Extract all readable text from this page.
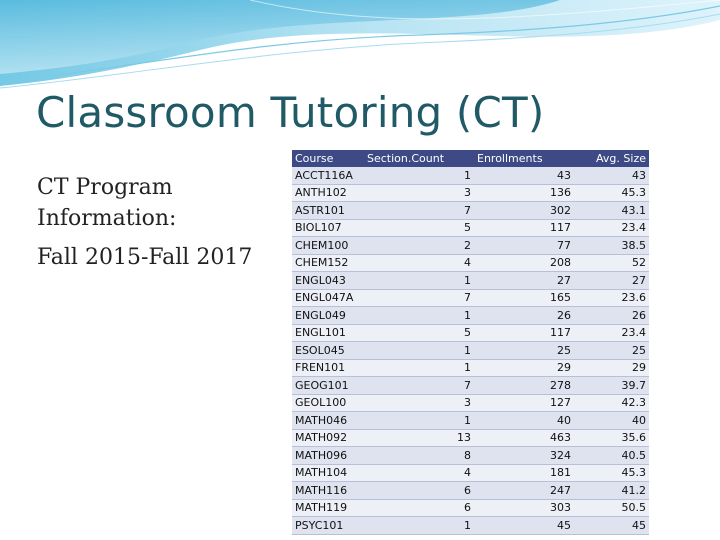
Classroom Tutoring (CT)

CT Program Information:

Fall 2015-Fall 2017

Course	Section.Count	Enrollments	Avg. Size
ACCT116A	1	43	43
ANTH102	3	136	45.3
ASTR101	7	302	43.1
BIOL107	5	117	23.4
CHEM100	2	77	38.5
CHEM152	4	208	52
ENGL043	1	27	27
ENGL047A	7	165	23.6
ENGL049	1	26	26
ENGL101	5	117	23.4
ESOL045	1	25	25
FREN101	1	29	29
GEOG101	7	278	39.7
GEOL100	3	127	42.3
MATH046	1	40	40
MATH092	13	463	35.6
MATH096	8	324	40.5
MATH104	4	181	45.3
MATH116	6	247	41.2
MATH119	6	303	50.5
PSYC101	1	45	45
